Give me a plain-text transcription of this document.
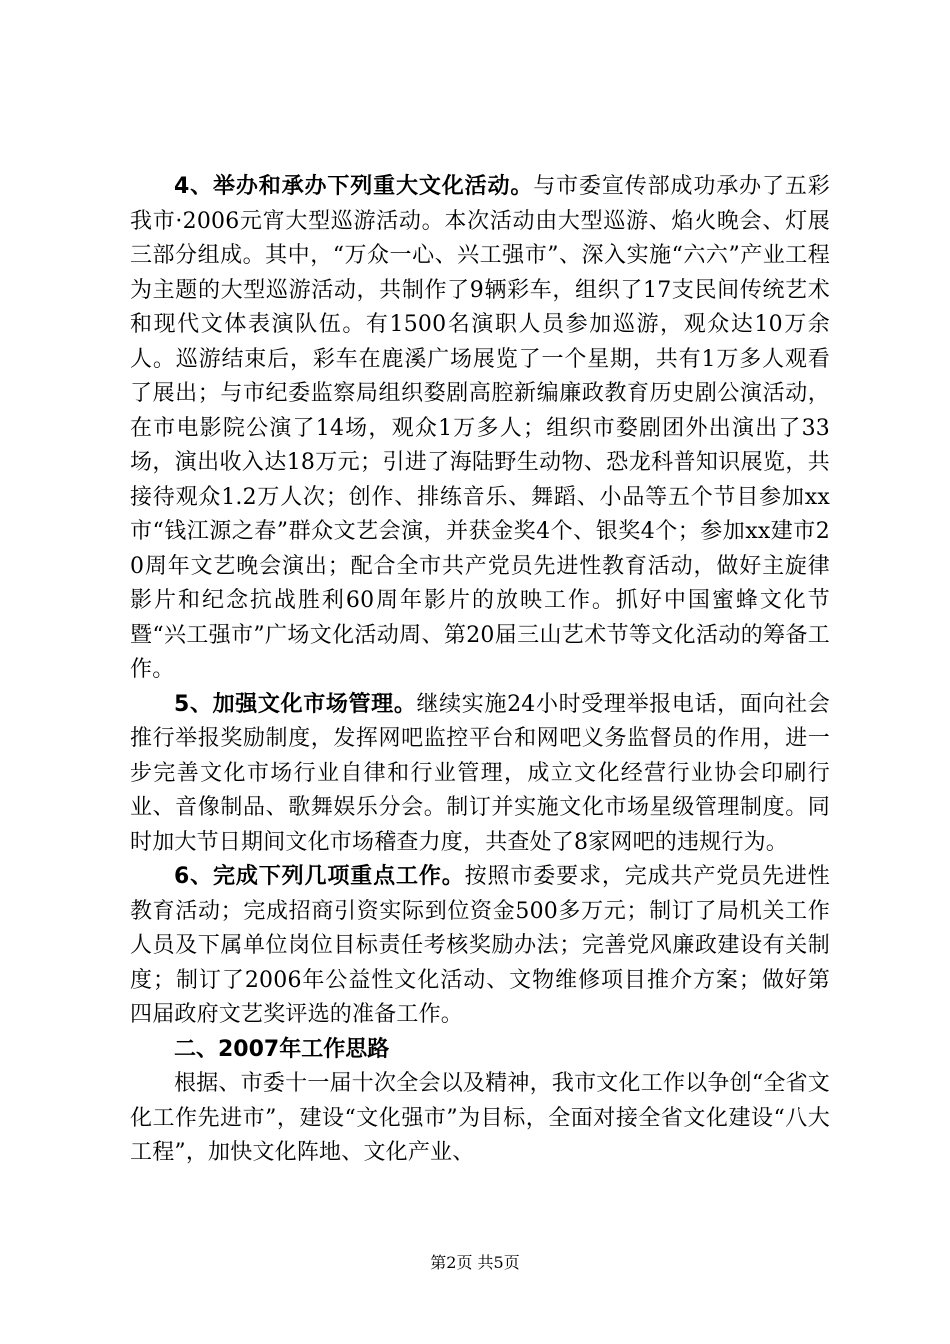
4、举办和承办下列重大文化活动。与市委宣传部成功承办了五彩我市·2006元宵大型巡游活动。本次活动由大型巡游、焰火晚会、灯展三部分组成。其中，“万众一心、兴工强市”、深入实施“六六”产业工程为主题的大型巡游活动，共制作了9辆彩车，组织了17支民间传统艺术和现代文体表演队伍。有1500名演职人员参加巡游，观众达10万余人。巡游结束后，彩车在鹿溪广场展览了一个星期，共有1万多人观看了展出；与市纪委监察局组织婺剧高腔新编廉政教育历史剧公演活动，在市电影院公演了14场，观众1万多人；组织市婺剧团外出演出了33场，演出收入达18万元；引进了海陆野生动物、恐龙科普知识展览，共接待观众1.2万人次；创作、排练音乐、舞蹈、小品等五个节目参加xx市“钱江源之春”群众文艺会演，并获金奖4个、银奖4个；参加xx建市20周年文艺晚会演出；配合全市共产党员先进性教育活动，做好主旋律影片和纪念抗战胜利60周年影片的放映工作。抓好中国蜜蜂文化节暨“兴工强市”广场文化活动周、第20届三山艺术节等文化活动的筹备工作。

5、加强文化市场管理。继续实施24小时受理举报电话，面向社会推行举报奖励制度，发挥网吧监控平台和网吧义务监督员的作用，进一步完善文化市场行业自律和行业管理，成立文化经营行业协会印刷行业、音像制品、歌舞娱乐分会。制订并实施文化市场星级管理制度。同时加大节日期间文化市场稽查力度，共查处了8家网吧的违规行为。

6、完成下列几项重点工作。按照市委要求，完成共产党员先进性教育活动；完成招商引资实际到位资金500多万元；制订了局机关工作人员及下属单位岗位目标责任考核奖励办法；完善党风廉政建设有关制度；制订了2006年公益性文化活动、文物维修项目推介方案；做好第四届政府文艺奖评选的准备工作。

二、2007年工作思路

根据、市委十一届十次全会以及精神，我市文化工作以争创“全省文化工作先进市”，建设“文化强市”为目标，全面对接全省文化建设“八大工程”，加快文化阵地、文化产业、

第2页 共5页
